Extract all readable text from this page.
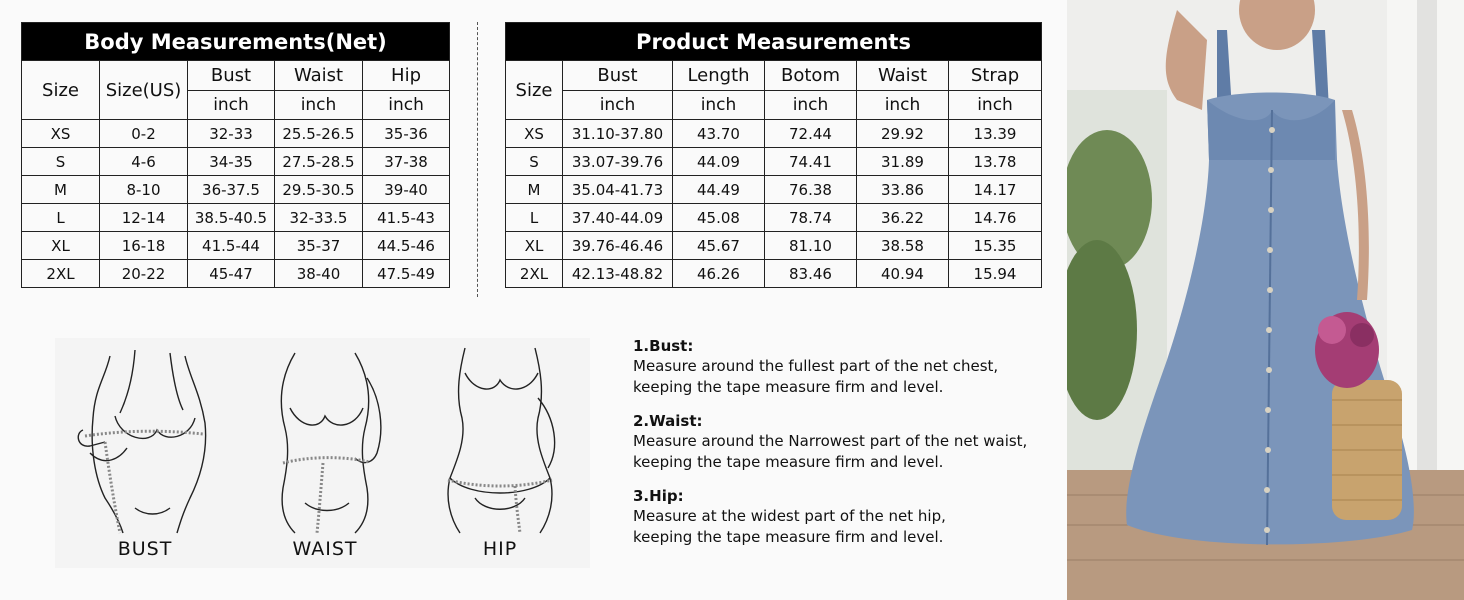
Body Measurements(Net)				
Size	Size(US)	Bust	Waist	Hip
		inch	inch	inch
XS	0-2	32-33	25.5-26.5	35-36
S	4-6	34-35	27.5-28.5	37-38
M	8-10	36-37.5	29.5-30.5	39-40
L	12-14	38.5-40.5	32-33.5	41.5-43
XL	16-18	41.5-44	35-37	44.5-46
2XL	20-22	45-47	38-40	47.5-49
Product Measurements					
Size	Bust	Length	Botom	Waist	Strap
	inch	inch	inch	inch	inch
XS	31.10-37.80	43.70	72.44	29.92	13.39
S	33.07-39.76	44.09	74.41	31.89	13.78
M	35.04-41.73	44.49	76.38	33.86	14.17
L	37.40-44.09	45.08	78.74	36.22	14.76
XL	39.76-46.46	45.67	81.10	38.58	15.35
2XL	42.13-48.82	46.26	83.46	40.94	15.94
BUST	WAIST	HIP
1.Bust:
Measure around the fullest part of the net chest,
keeping the tape measure firm and level.
2.Waist:
Measure around the Narrowest part of the net waist,
keeping the tape measure firm and level.
3.Hip:
Measure at the widest part of the net hip,
keeping the tape measure firm and level.
